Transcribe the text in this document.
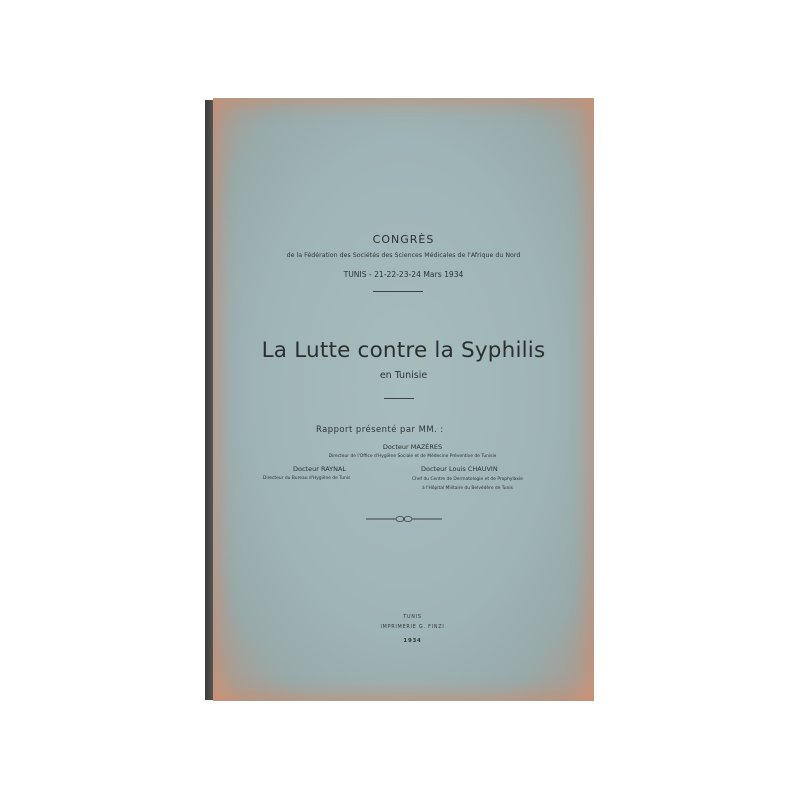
CONGRÈS
de la Fédération des Sociétés des Sciences Médicales de l'Afrique du Nord
TUNIS - 21-22-23-24 Mars 1934
La Lutte contre la Syphilis
en Tunisie
Rapport présenté par MM. :
Docteur MAZÈRES
Directeur de l'Office d'Hygiène Sociale et de Médecine Préventive de Tunisie
Docteur RAYNAL
Directeur du Bureau d'Hygiène de Tunis
Docteur Louis CHAUVIN
Chef du Centre de Dermatologie et de Prophylaxie
à l'Hôpital Militaire du Belvédère de Tunis
TUNIS
IMPRIMERIE G. FINZI
1934
